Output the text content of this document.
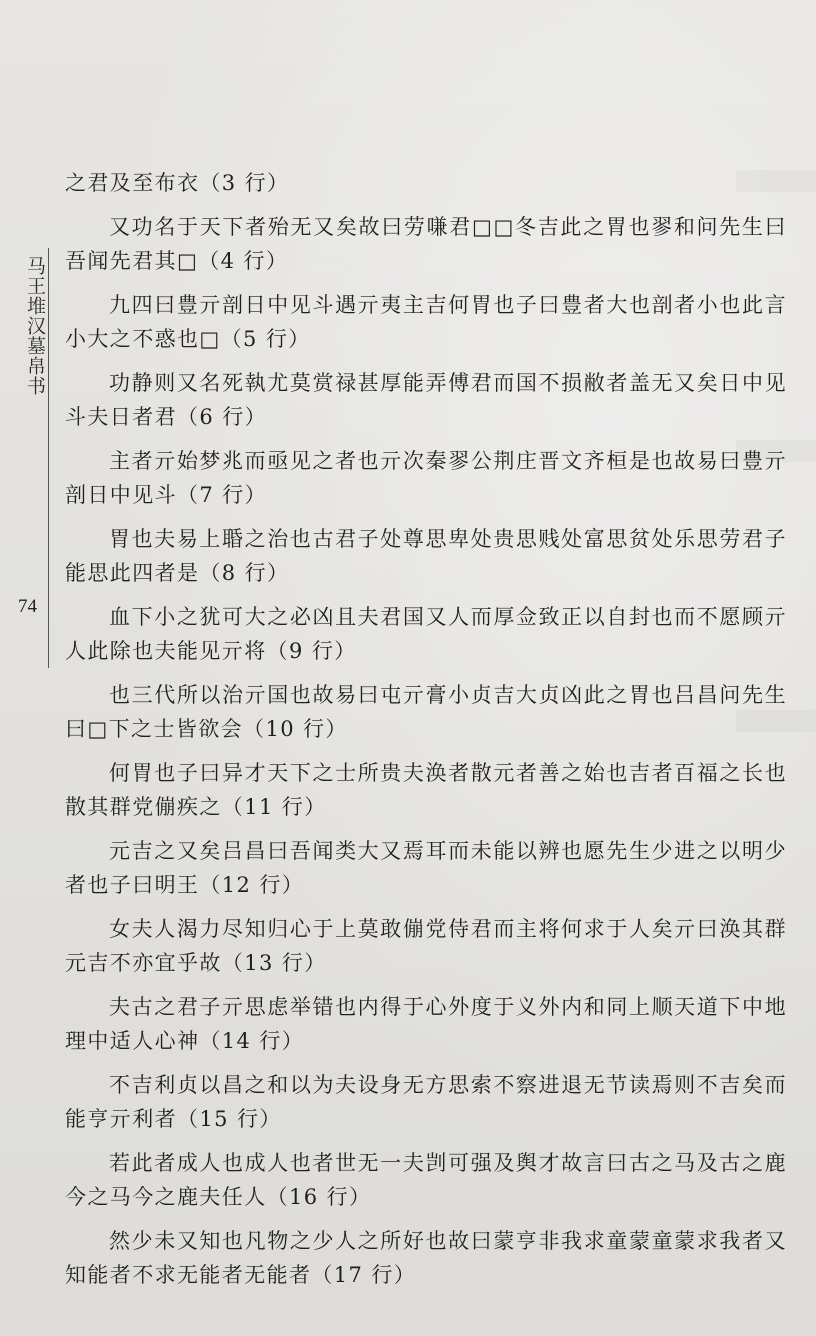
马王堆汉墓帛书
74

之君及至布衣（3 行）

又功名于天下者殆无又矣故曰劳嗛君□□冬吉此之胃也翏和问先生曰吾闻先君其□（4 行）

九四曰豊亓剖日中见斗遇亓夷主吉何胃也子曰豊者大也剖者小也此言小大之不惑也□（5 行）

功静则又名死執尤莫赏禄甚厚能弄傅君而国不损敝者盖无又矣日中见斗夫日者君（6 行）

主者亓始梦兆而亟见之者也亓次秦翏公荆庄晋文齐桓是也故易曰豊亓剖日中见斗（7 行）

胃也夫易上䎽之治也古君子处尊思卑处贵思贱处富思贫处乐思劳君子能思此四者是（8 行）

血下小之犹可大之必凶且夫君国又人而厚佥致正以自封也而不愿顾亓人此除也夫能见亓将（9 行）

也三代所以治亓国也故易曰屯亓膏小贞吉大贞凶此之胃也吕昌问先生曰□下之士皆欲会（10 行）

何胃也子曰异才天下之士所贵夫涣者散元者善之始也吉者百福之长也散其群党傰疾之（11 行）

元吉之又矣吕昌曰吾闻类大又焉耳而未能以辨也愿先生少进之以明少者也子曰明王（12 行）

女夫人渴力尽知归心于上莫敢傰党侍君而主将何求于人矣亓曰涣其群元吉不亦宜乎故（13 行）

夫古之君子亓思虑举错也内得于心外度于义外内和同上顺天道下中地理中适人心神（14 行）

不吉利贞以昌之和以为夫设身无方思索不察进退无节读焉则不吉矣而能亨亓利者（15 行）

若此者成人也成人也者世无一夫剀可强及舆才故言曰古之马及古之鹿今之马今之鹿夫任人（16 行）

然少未又知也凡物之少人之所好也故曰蒙亨非我求童蒙童蒙求我者又知能者不求无能者无能者（17 行）
